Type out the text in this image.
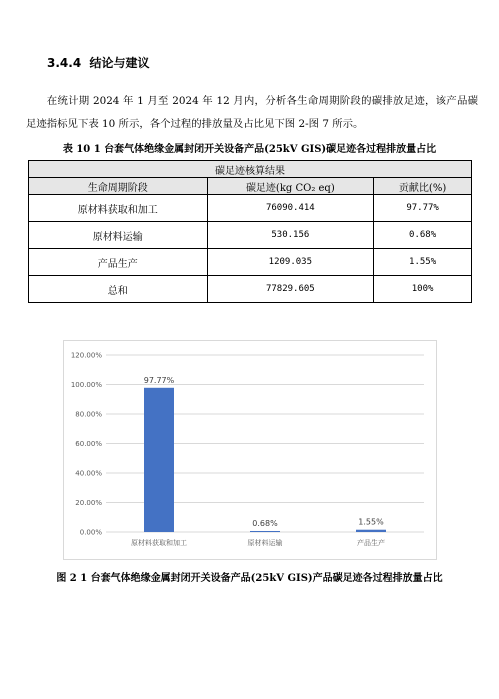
3.4.4 结论与建议

在统计期 2024 年 1 月至 2024 年 12 月内，分析各生命周期阶段的碳排放足迹，该产品碳足迹指标见下表 10 所示，各个过程的排放量及占比见下图 2-图 7 所示。

表 10 1 台套气体绝缘金属封闭开关设备产品(25kV GIS)碳足迹各过程排放量占比
碳足迹核算结果		
生命周期阶段	碳足迹(kg CO₂ eq)	贡献比(%)
原材料获取和加工	76090.414	97.77%
原材料运输	530.156	0.68%
产品生产	1209.035	1.55%
总和	77829.605	100%
0.00%
20.00%
40.00%
60.00%
80.00%
100.00%
120.00%
97.77%
原材料获取和加工
0.68%
原材料运输
1.55%
产品生产
图 2 1 台套气体绝缘金属封闭开关设备产品(25kV GIS)产品碳足迹各过程排放量占比
